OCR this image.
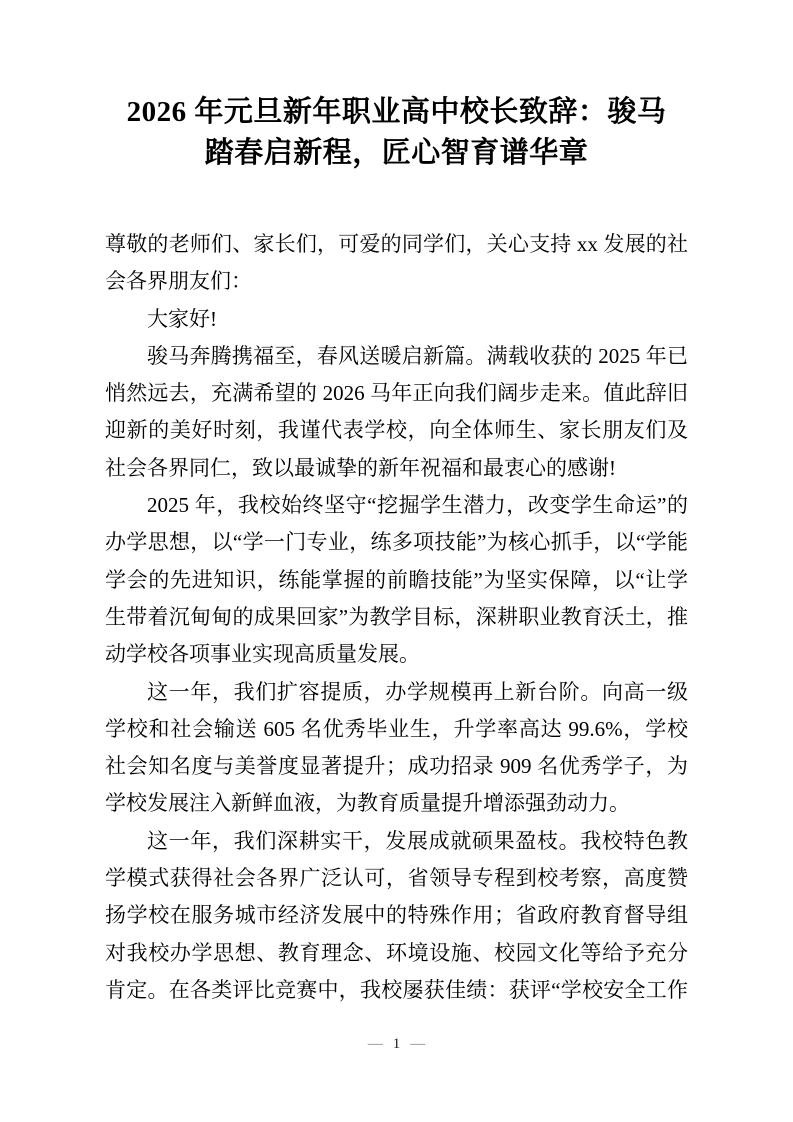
2026 年元旦新年职业高中校长致辞：骏马
踏春启新程，匠心智育谱华章

尊敬的老师们、家长们，可爱的同学们，关心支持 xx 发展的社
会各界朋友们：

大家好!

骏马奔腾携福至，春风送暖启新篇。满载收获的 2025 年已
悄然远去，充满希望的 2026 马年正向我们阔步走来。值此辞旧
迎新的美好时刻，我谨代表学校，向全体师生、家长朋友们及
社会各界同仁，致以最诚挚的新年祝福和最衷心的感谢!

2025 年，我校始终坚守“挖掘学生潜力，改变学生命运”的
办学思想，以“学一门专业，练多项技能”为核心抓手，以“学能
学会的先进知识，练能掌握的前瞻技能”为坚实保障，以“让学
生带着沉甸甸的成果回家”为教学目标，深耕职业教育沃土，推
动学校各项事业实现高质量发展。

这一年，我们扩容提质，办学规模再上新台阶。向高一级
学校和社会输送 605 名优秀毕业生，升学率高达 99.6%，学校
社会知名度与美誉度显著提升；成功招录 909 名优秀学子，为
学校发展注入新鲜血液，为教育质量提升增添强劲动力。

这一年，我们深耕实干，发展成就硕果盈枝。我校特色教
学模式获得社会各界广泛认可，省领导专程到校考察，高度赞
扬学校在服务城市经济发展中的特殊作用；省政府教育督导组
对我校办学思想、教育理念、环境设施、校园文化等给予充分
肯定。在各类评比竞赛中，我校屡获佳绩：获评“学校安全工作

— 1 —
